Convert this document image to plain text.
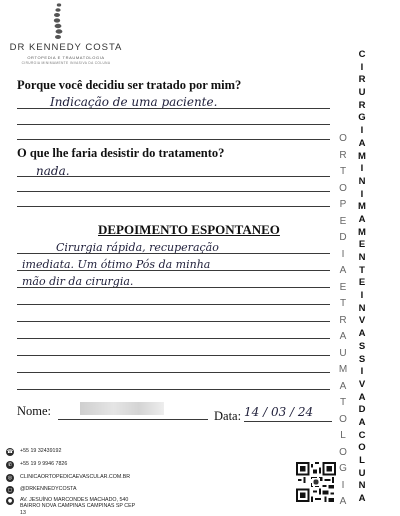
DR KENNEDY COSTA
ORTOPEDIA E TRAUMATOLOGIA
CIRURGIA MINIMAMENTE INVASIVA DA COLUNA
Porque você decidiu ser tratado por mim?
Indicação de uma paciente.
O que lhe faria desistir do tratamento?
nada.
DEPOIMENTO ESPONTANEO
Cirurgia rápida, recuperação
imediata. Um ótimo Pós da minha
mão dir da cirurgia.
Nome:	Data: 14 / 03 / 24
O
R
T
O
P
E
D
I
A
E
T
R
A
U
M
A
T
O
L
O
G
I
A
C
I
R
U
R
G
I
A
M
I
N
I
M
A
M
E
N
T
E
I
N
V
A
S
S
I
V
A
D
A
C
O
L
U
N
A
☎ +55 19 32439192
✆	+55 19 9 9946 7826
◎	CLINICAORTOPEDICAEVASCULAR.COM.BR
◻	@DRKENNEDYCOSTA
●	AV. JESUÍNO MARCONDES MACHADO, 540 BAIRRO NOVA CAMPINAS CAMPINAS SP CEP 13
